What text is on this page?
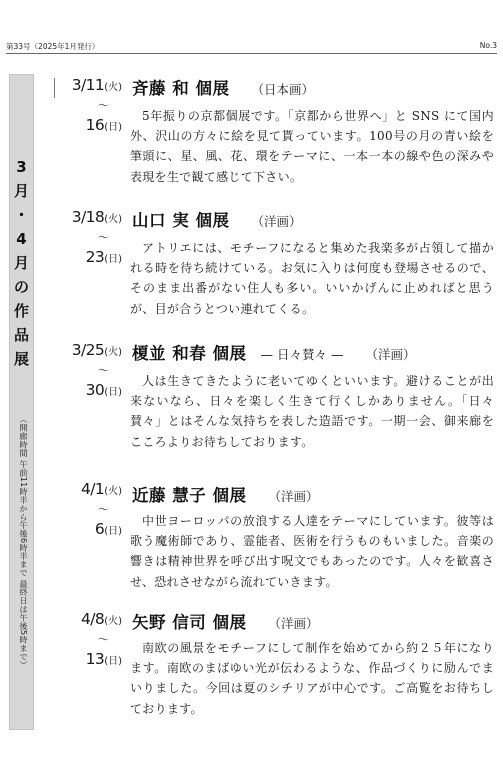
第33号（2025年1月発行）	No.3
3
月
・
4
月
の
作
品
展
（開廊時間 午前11時半から午後6時半まで 最終日は午後5時まで）
3/11(火)
〜
16(日)
斉藤 和 個展 （日本画）

5年振りの京都個展です。「京都から世界へ」と SNS にて国内外、沢山の方々に絵を見て貰っています。100号の月の青い絵を筆頭に、星、風、花、環をテーマに、一本一本の線や色の深みや表現を生で観て感じて下さい。

3/18(火)
〜
23(日)
山口 実 個展 （洋画）

アトリエには、モチーフになると集めた我楽多が占領して描かれる時を待ち続けている。お気に入りは何度も登場させるので、そのまま出番がない住人も多い。いいかげんに止めればと思うが、目が合うとつい連れてくる。

3/25(火)
〜
30(日)
榎並 和春 個展 — 日々賛々 — （洋画）

人は生きてきたように老いてゆくといいます。避けることが出来ないなら、日々を楽しく生きて行くしかありません。「日々賛々」とはそんな気持ちを表した造語です。一期一会、御来廊をこころよりお待ちしております。

4/1(火)
〜
6(日)
近藤 慧子 個展 （洋画）

中世ヨーロッパの放浪する人達をテーマにしています。彼等は歌う魔術師であり、霊能者、医術を行うものもいました。音楽の響きは精神世界を呼び出す呪文でもあったのです。人々を歓喜させ、恐れさせながら流れていきます。

4/8(火)
〜
13(日)
矢野 信司 個展 （洋画）

南欧の風景をモチーフにして制作を始めてから約２５年になります。南欧のまばゆい光が伝わるような、作品づくりに励んでまいりました。今回は夏のシチリアが中心です。ご高覧をお待ちしております。
